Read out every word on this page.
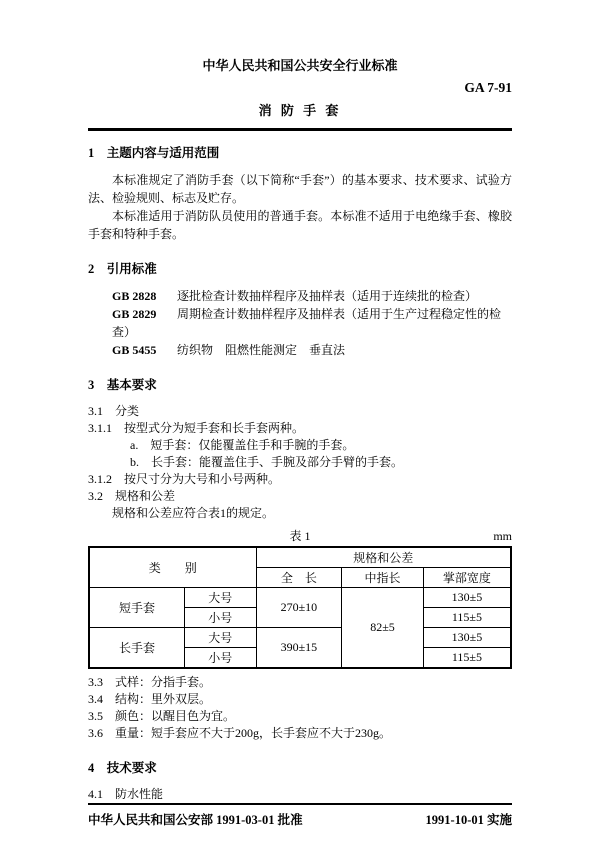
中华人民共和国公共安全行业标准
GA 7-91
消 防 手 套
1　主题内容与适用范围
本标准规定了消防手套（以下简称“手套”）的基本要求、技术要求、试验方法、检验规则、标志及贮存。
本标准适用于消防队员使用的普通手套。本标准不适用于电绝缘手套、橡胶手套和特种手套。
2　引用标准
GB 2828 逐批检查计数抽样程序及抽样表（适用于连续批的检查）
GB 2829 周期检查计数抽样程序及抽样表（适用于生产过程稳定性的检查）
GB 5455 纺织物　阻燃性能测定　垂直法
3　基本要求
3.1　分类
3.1.1　按型式分为短手套和长手套两种。
a.　短手套：仅能覆盖住手和手腕的手套。
b.　长手套：能覆盖住手、手腕及部分手臂的手套。
3.1.2　按尺寸分为大号和小号两种。
3.2　规格和公差
规格和公差应符合表1的规定。
表 1	mm
类　　别		规格和公差		
		全　长	中指长	掌部宽度
短手套	大号	270±10	82±5	130±5
	小号			115±5
长手套	大号	390±15		130±5
	小号			115±5
3.3　式样：分指手套。
3.4　结构：里外双层。
3.5　颜色：以醒目色为宜。
3.6　重量：短手套应不大于200g，长手套应不大于230g。
4　技术要求
4.1　防水性能
中华人民共和国公安部 1991-03-01 批准	1991-10-01 实施
